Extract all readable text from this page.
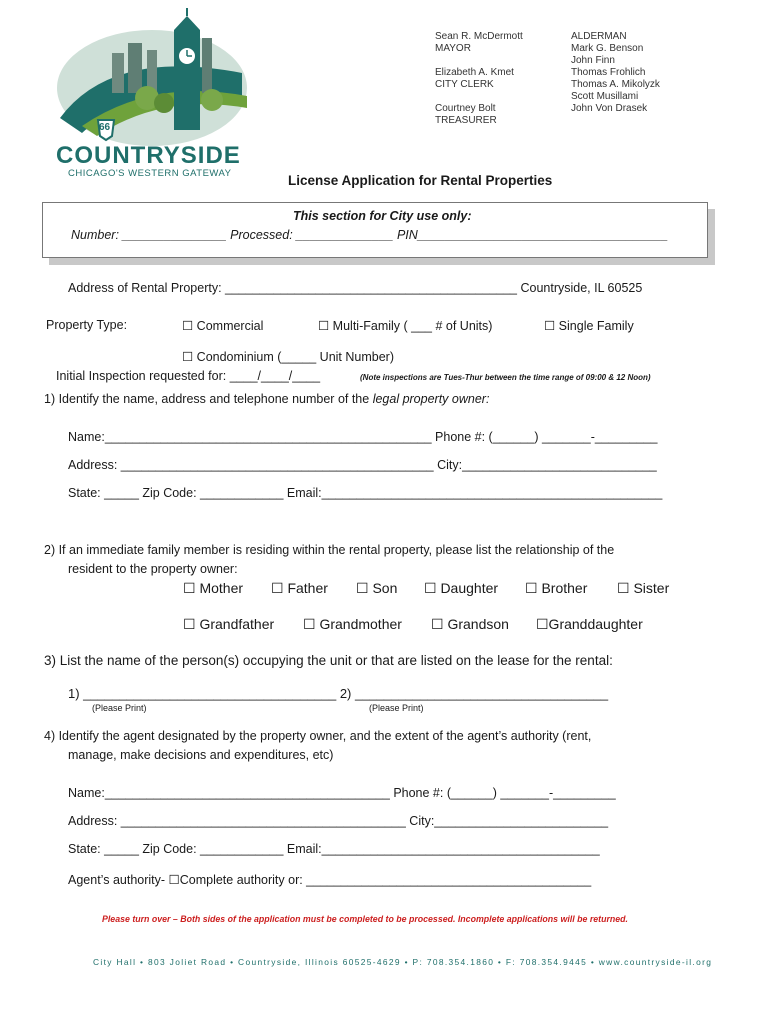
66
COUNTRYSIDE
CHICAGO'S WESTERN GATEWAY
Sean R. McDermott
MAYOR
Elizabeth A. Kmet
CITY CLERK
Courtney Bolt
TREASURER
ALDERMAN
Mark G. Benson
John Finn
Thomas Frohlich
Thomas A. Mikolyzk
Scott Musillami
John Von Drasek
License Application for Rental Properties
This section for City use only:
Number: _______________ Processed: ______________ PIN____________________________________
Address of Rental Property: __________________________________________ Countryside, IL 60525
Property Type:	☐ Commercial	☐ Multi-Family ( ___ # of Units)	☐ Single Family
☐ Condominium (_____ Unit Number)
Initial Inspection requested for: ____/____/____	(Note inspections are Tues-Thur between the time range of 09:00 & 12 Noon)
1) Identify the name, address and telephone number of the legal property owner:
Name:_______________________________________________ Phone #: (______) _______-_________
Address: _____________________________________________ City:____________________________
State: _____ Zip Code: ____________ Email:_________________________________________________
2) If an immediate family member is residing within the rental property, please list the relationship of the
resident to the property owner:
☐ Mother ☐ Father ☐ Son ☐ Daughter ☐ Brother ☐ Sister
☐ Grandfather ☐ Grandmother ☐ Grandson ☐Granddaughter
3) List the name of the person(s) occupying the unit or that are listed on the lease for the rental:
1) ___________________________________ 2) ___________________________________
(Please Print)	(Please Print)
4) Identify the agent designated by the property owner, and the extent of the agent’s authority (rent,
manage, make decisions and expenditures, etc)
Name:_________________________________________ Phone #: (______) _______-_________
Address: _________________________________________ City:_________________________
State: _____ Zip Code: ____________ Email:________________________________________
Agent’s authority- ☐Complete authority or: _________________________________________
Please turn over – Both sides of the application must be completed to be processed. Incomplete applications will be returned.
City Hall • 803 Joliet Road • Countryside, Illinois 60525-4629 • P: 708.354.1860 • F: 708.354.9445 • www.countryside-il.org
